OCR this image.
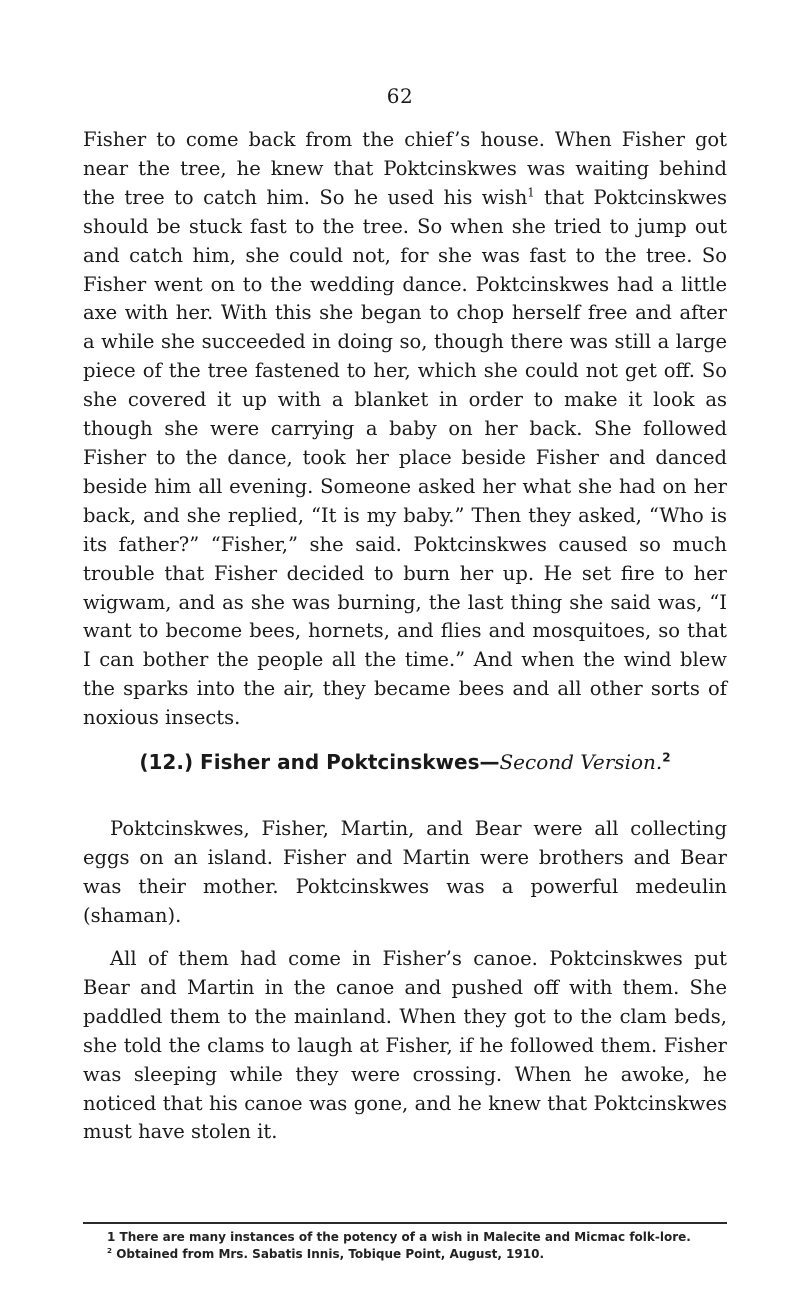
62

Fisher to come back from the chief’s house. When Fisher got near the tree, he knew that Poktcinskwes was waiting behind the tree to catch him. So he used his wish$^1$ that Poktcinskwes should be stuck fast to the tree. So when she tried to jump out and catch him, she could not, for she was fast to the tree. So Fisher went on to the wedding dance. Poktcinskwes had a little axe with her. With this she began to chop herself free and after a while she succeeded in doing so, though there was still a large piece of the tree fastened to her, which she could not get off. So she covered it up with a blanket in order to make it look as though she were carrying a baby on her back. She followed Fisher to the dance, took her place beside Fisher and danced beside him all evening. Someone asked her what she had on her back, and she replied, “It is my baby.” Then they asked, “Who is its father?” “Fisher,” she said. Poktcinskwes caused so much trouble that Fisher decided to burn her up. He set fire to her wigwam, and as she was burning, the last thing she said was, “I want to become bees, hornets, and flies and mosquitoes, so that I can bother the people all the time.” And when the wind blew the sparks into the air, they became bees and all other sorts of noxious insects.

(12.) Fisher and Poktcinskwes—Second Version.$^2$

Poktcinskwes, Fisher, Martin, and Bear were all collecting eggs on an island. Fisher and Martin were brothers and Bear was their mother. Poktcinskwes was a powerful medeulin (shaman).

All of them had come in Fisher’s canoe. Poktcinskwes put Bear and Martin in the canoe and pushed off with them. She paddled them to the mainland. When they got to the clam beds, she told the clams to laugh at Fisher, if he followed them. Fisher was sleeping while they were crossing. When he awoke, he noticed that his canoe was gone, and he knew that Poktcinskwes must have stolen it.

1 There are many instances of the potency of a wish in Malecite and Micmac folk-lore.

$^2$ Obtained from Mrs. Sabatis Innis, Tobique Point, August, 1910.
